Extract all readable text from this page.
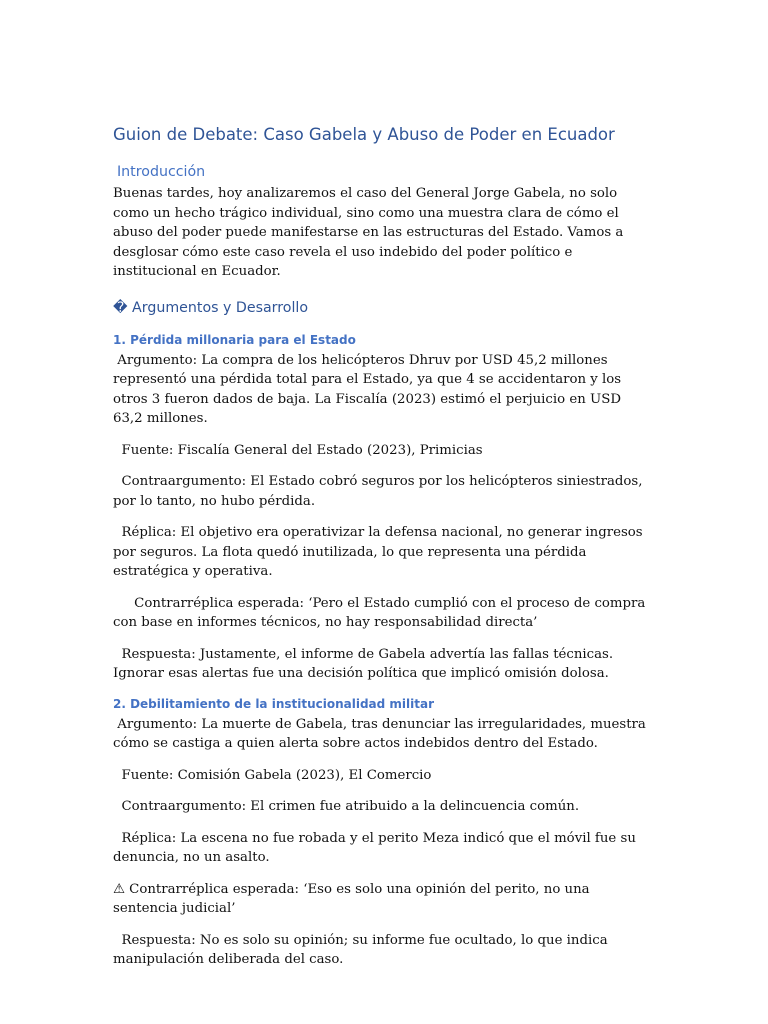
Guion de Debate: Caso Gabela y Abuso de Poder en Ecuador
Introducción

Buenas tardes, hoy analizaremos el caso del General Jorge Gabela, no solo como un hecho trágico individual, sino como una muestra clara de cómo el abuso del poder puede manifestarse en las estructuras del Estado. Vamos a desglosar cómo este caso revela el uso indebido del poder político e institucional en Ecuador.

� Argumentos y Desarrollo
1. Pérdida millonaria para el Estado

Argumento: La compra de los helicópteros Dhruv por USD 45,2 millones representó una pérdida total para el Estado, ya que 4 se accidentaron y los otros 3 fueron dados de baja. La Fiscalía (2023) estimó el perjuicio en USD 63,2 millones.

Fuente: Fiscalía General del Estado (2023), Primicias

Contraargumento: El Estado cobró seguros por los helicópteros siniestrados, por lo tanto, no hubo pérdida.

Réplica: El objetivo era operativizar la defensa nacional, no generar ingresos por seguros. La flota quedó inutilizada, lo que representa una pérdida estratégica y operativa.

Contrarréplica esperada: ‘Pero el Estado cumplió con el proceso de compra con base en informes técnicos, no hay responsabilidad directa’

Respuesta: Justamente, el informe de Gabela advertía las fallas técnicas. Ignorar esas alertas fue una decisión política que implicó omisión dolosa.

2. Debilitamiento de la institucionalidad militar

Argumento: La muerte de Gabela, tras denunciar las irregularidades, muestra cómo se castiga a quien alerta sobre actos indebidos dentro del Estado.

Fuente: Comisión Gabela (2023), El Comercio

Contraargumento: El crimen fue atribuido a la delincuencia común.

Réplica: La escena no fue robada y el perito Meza indicó que el móvil fue su denuncia, no un asalto.

⚠ Contrarréplica esperada: ‘Eso es solo una opinión del perito, no una sentencia judicial’

Respuesta: No es solo su opinión; su informe fue ocultado, lo que indica manipulación deliberada del caso.
